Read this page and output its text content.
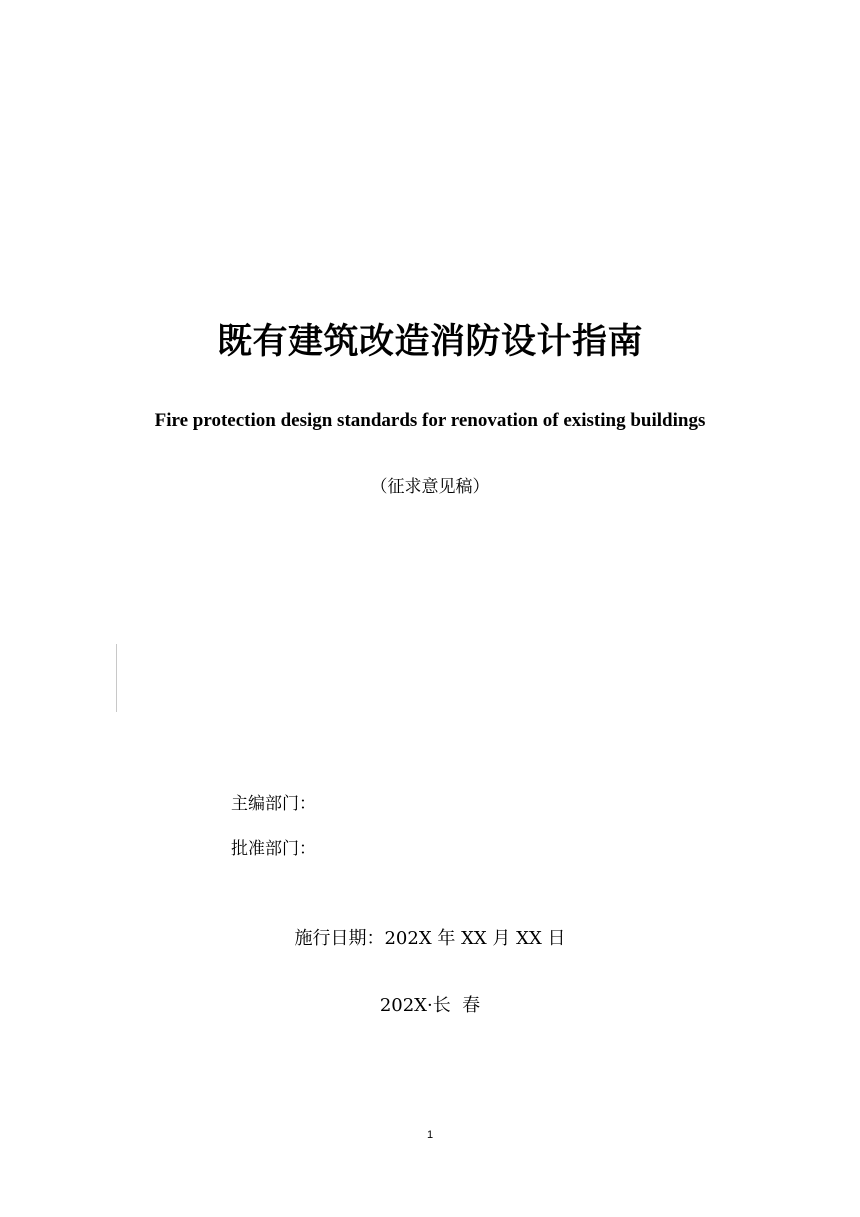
既有建筑改造消防设计指南
Fire protection design standards for renovation of existing buildings
（征求意见稿）
主编部门：
批准部门：
施行日期：202X 年 XX 月 XX 日
202X·长  春
1
